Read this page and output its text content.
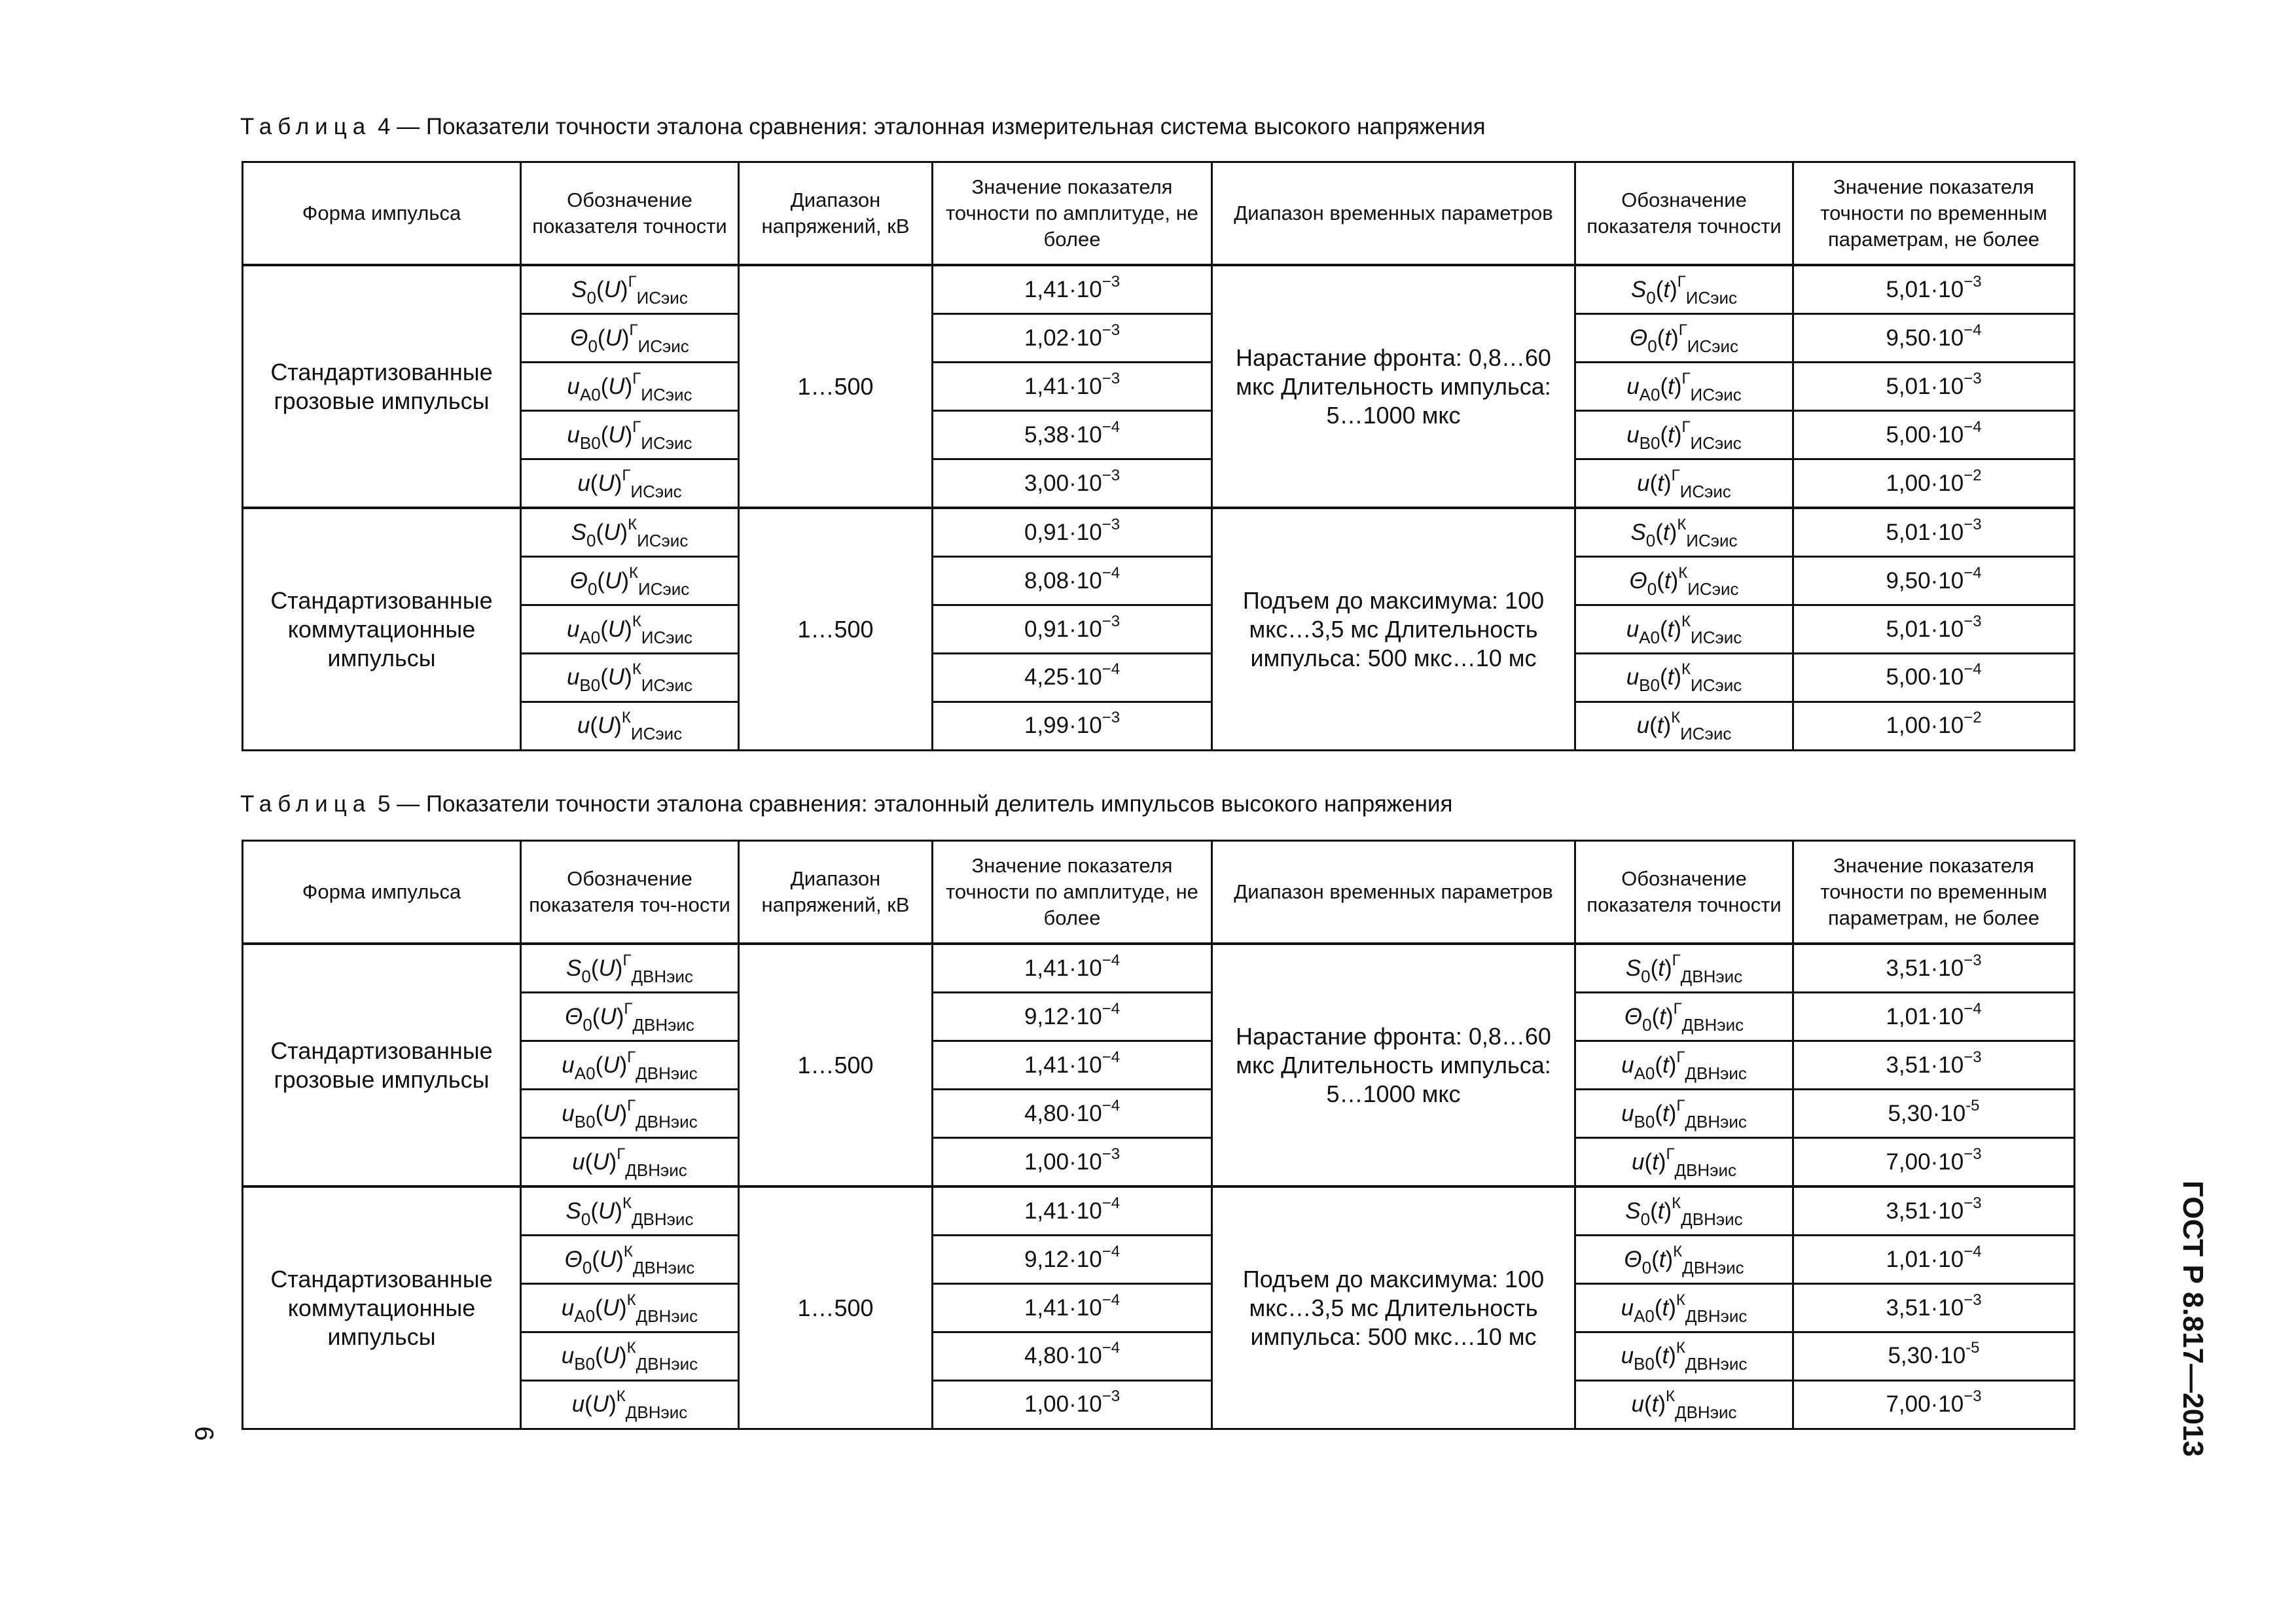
Таблица 4 — Показатели точности эталона сравнения: эталонная измерительная система высокого напряжения
Форма импульса	Обозначение показателя точности	Диапазон напряжений, кВ	Значение показателя точности по амплитуде, не более	Диапазон временных параметров	Обозначение показателя точности	Значение показателя точности по временным параметрам, не более
Стандартизованные грозовые импульсы	$S_0(U)^Г_{ИСэис}$	1…500	$1,41\cdot 10^{-3}$	Нарастание фронта: 0,8…60 мкс Длительность импульса: 5…1000 мкс	$S_0(t)^Г_{ИСэис}$	$5,01\cdot 10^{-3}$
	$\Theta_0(U)^Г_{ИСэис}$		$1,02\cdot 10^{-3}$		$\Theta_0(t)^Г_{ИСэис}$	$9,50\cdot 10^{-4}$
	$u_{A0}(U)^Г_{ИСэис}$		$1,41\cdot 10^{-3}$		$u_{A0}(t)^Г_{ИСэис}$	$5,01\cdot 10^{-3}$
	$u_{B0}(U)^Г_{ИСэис}$		$5,38\cdot 10^{-4}$		$u_{B0}(t)^Г_{ИСэис}$	$5,00\cdot 10^{-4}$
	$u(U)^Г_{ИСэис}$		$3,00\cdot 10^{-3}$		$u(t)^Г_{ИСэис}$	$1,00\cdot 10^{-2}$
Стандартизованные коммутационные импульсы	$S_0(U)^К_{ИСэис}$	1…500	$0,91\cdot 10^{-3}$	Подъем до максимума: 100 мкс…3,5 мс Длительность импульса: 500 мкс…10 мс	$S_0(t)^К_{ИСэис}$	$5,01\cdot 10^{-3}$
	$\Theta_0(U)^К_{ИСэис}$		$8,08\cdot 10^{-4}$		$\Theta_0(t)^К_{ИСэис}$	$9,50\cdot 10^{-4}$
	$u_{A0}(U)^К_{ИСэис}$		$0,91\cdot 10^{-3}$		$u_{A0}(t)^К_{ИСэис}$	$5,01\cdot 10^{-3}$
	$u_{B0}(U)^К_{ИСэис}$		$4,25\cdot 10^{-4}$		$u_{B0}(t)^К_{ИСэис}$	$5,00\cdot 10^{-4}$
	$u(U)^К_{ИСэис}$		$1,99\cdot 10^{-3}$		$u(t)^К_{ИСэис}$	$1,00\cdot 10^{-2}$
Таблица 5 — Показатели точности эталона сравнения: эталонный делитель импульсов высокого напряжения
Форма импульса	Обозначение показателя точ-ности	Диапазон напряжений, кВ	Значение показателя точности по амплитуде, не более	Диапазон временных параметров	Обозначение показателя точности	Значение показателя точности по временным параметрам, не более
Стандартизованные грозовые импульсы	$S_0(U)^Г_{ДВНэис}$	1…500	$1,41\cdot 10^{-4}$	Нарастание фронта: 0,8…60 мкс Длительность импульса: 5…1000 мкс	$S_0(t)^Г_{ДВНэис}$	$3,51\cdot 10^{-3}$
	$\Theta_0(U)^Г_{ДВНэис}$		$9,12\cdot 10^{-4}$		$\Theta_0(t)^Г_{ДВНэис}$	$1,01\cdot 10^{-4}$
	$u_{A0}(U)^Г_{ДВНэис}$		$1,41\cdot 10^{-4}$		$u_{A0}(t)^Г_{ДВНэис}$	$3,51\cdot 10^{-3}$
	$u_{B0}(U)^Г_{ДВНэис}$		$4,80\cdot 10^{-4}$		$u_{B0}(t)^Г_{ДВНэис}$	$5,30\cdot 10^{-5}$
	$u(U)^Г_{ДВНэис}$		$1,00\cdot 10^{-3}$		$u(t)^Г_{ДВНэис}$	$7,00\cdot 10^{-3}$
Стандартизованные коммутационные импульсы	$S_0(U)^К_{ДВНэис}$	1…500	$1,41\cdot 10^{-4}$	Подъем до максимума: 100 мкс…3,5 мс Длительность импульса: 500 мкс…10 мс	$S_0(t)^К_{ДВНэис}$	$3,51\cdot 10^{-3}$
	$\Theta_0(U)^К_{ДВНэис}$		$9,12\cdot 10^{-4}$		$\Theta_0(t)^К_{ДВНэис}$	$1,01\cdot 10^{-4}$
	$u_{A0}(U)^К_{ДВНэис}$		$1,41\cdot 10^{-4}$		$u_{A0}(t)^К_{ДВНэис}$	$3,51\cdot 10^{-3}$
	$u_{B0}(U)^К_{ДВНэис}$		$4,80\cdot 10^{-4}$		$u_{B0}(t)^К_{ДВНэис}$	$5,30\cdot 10^{-5}$
	$u(U)^К_{ДВНэис}$		$1,00\cdot 10^{-3}$		$u(t)^К_{ДВНэис}$	$7,00\cdot 10^{-3}$
6	ГОСТ Р 8.817—2013
